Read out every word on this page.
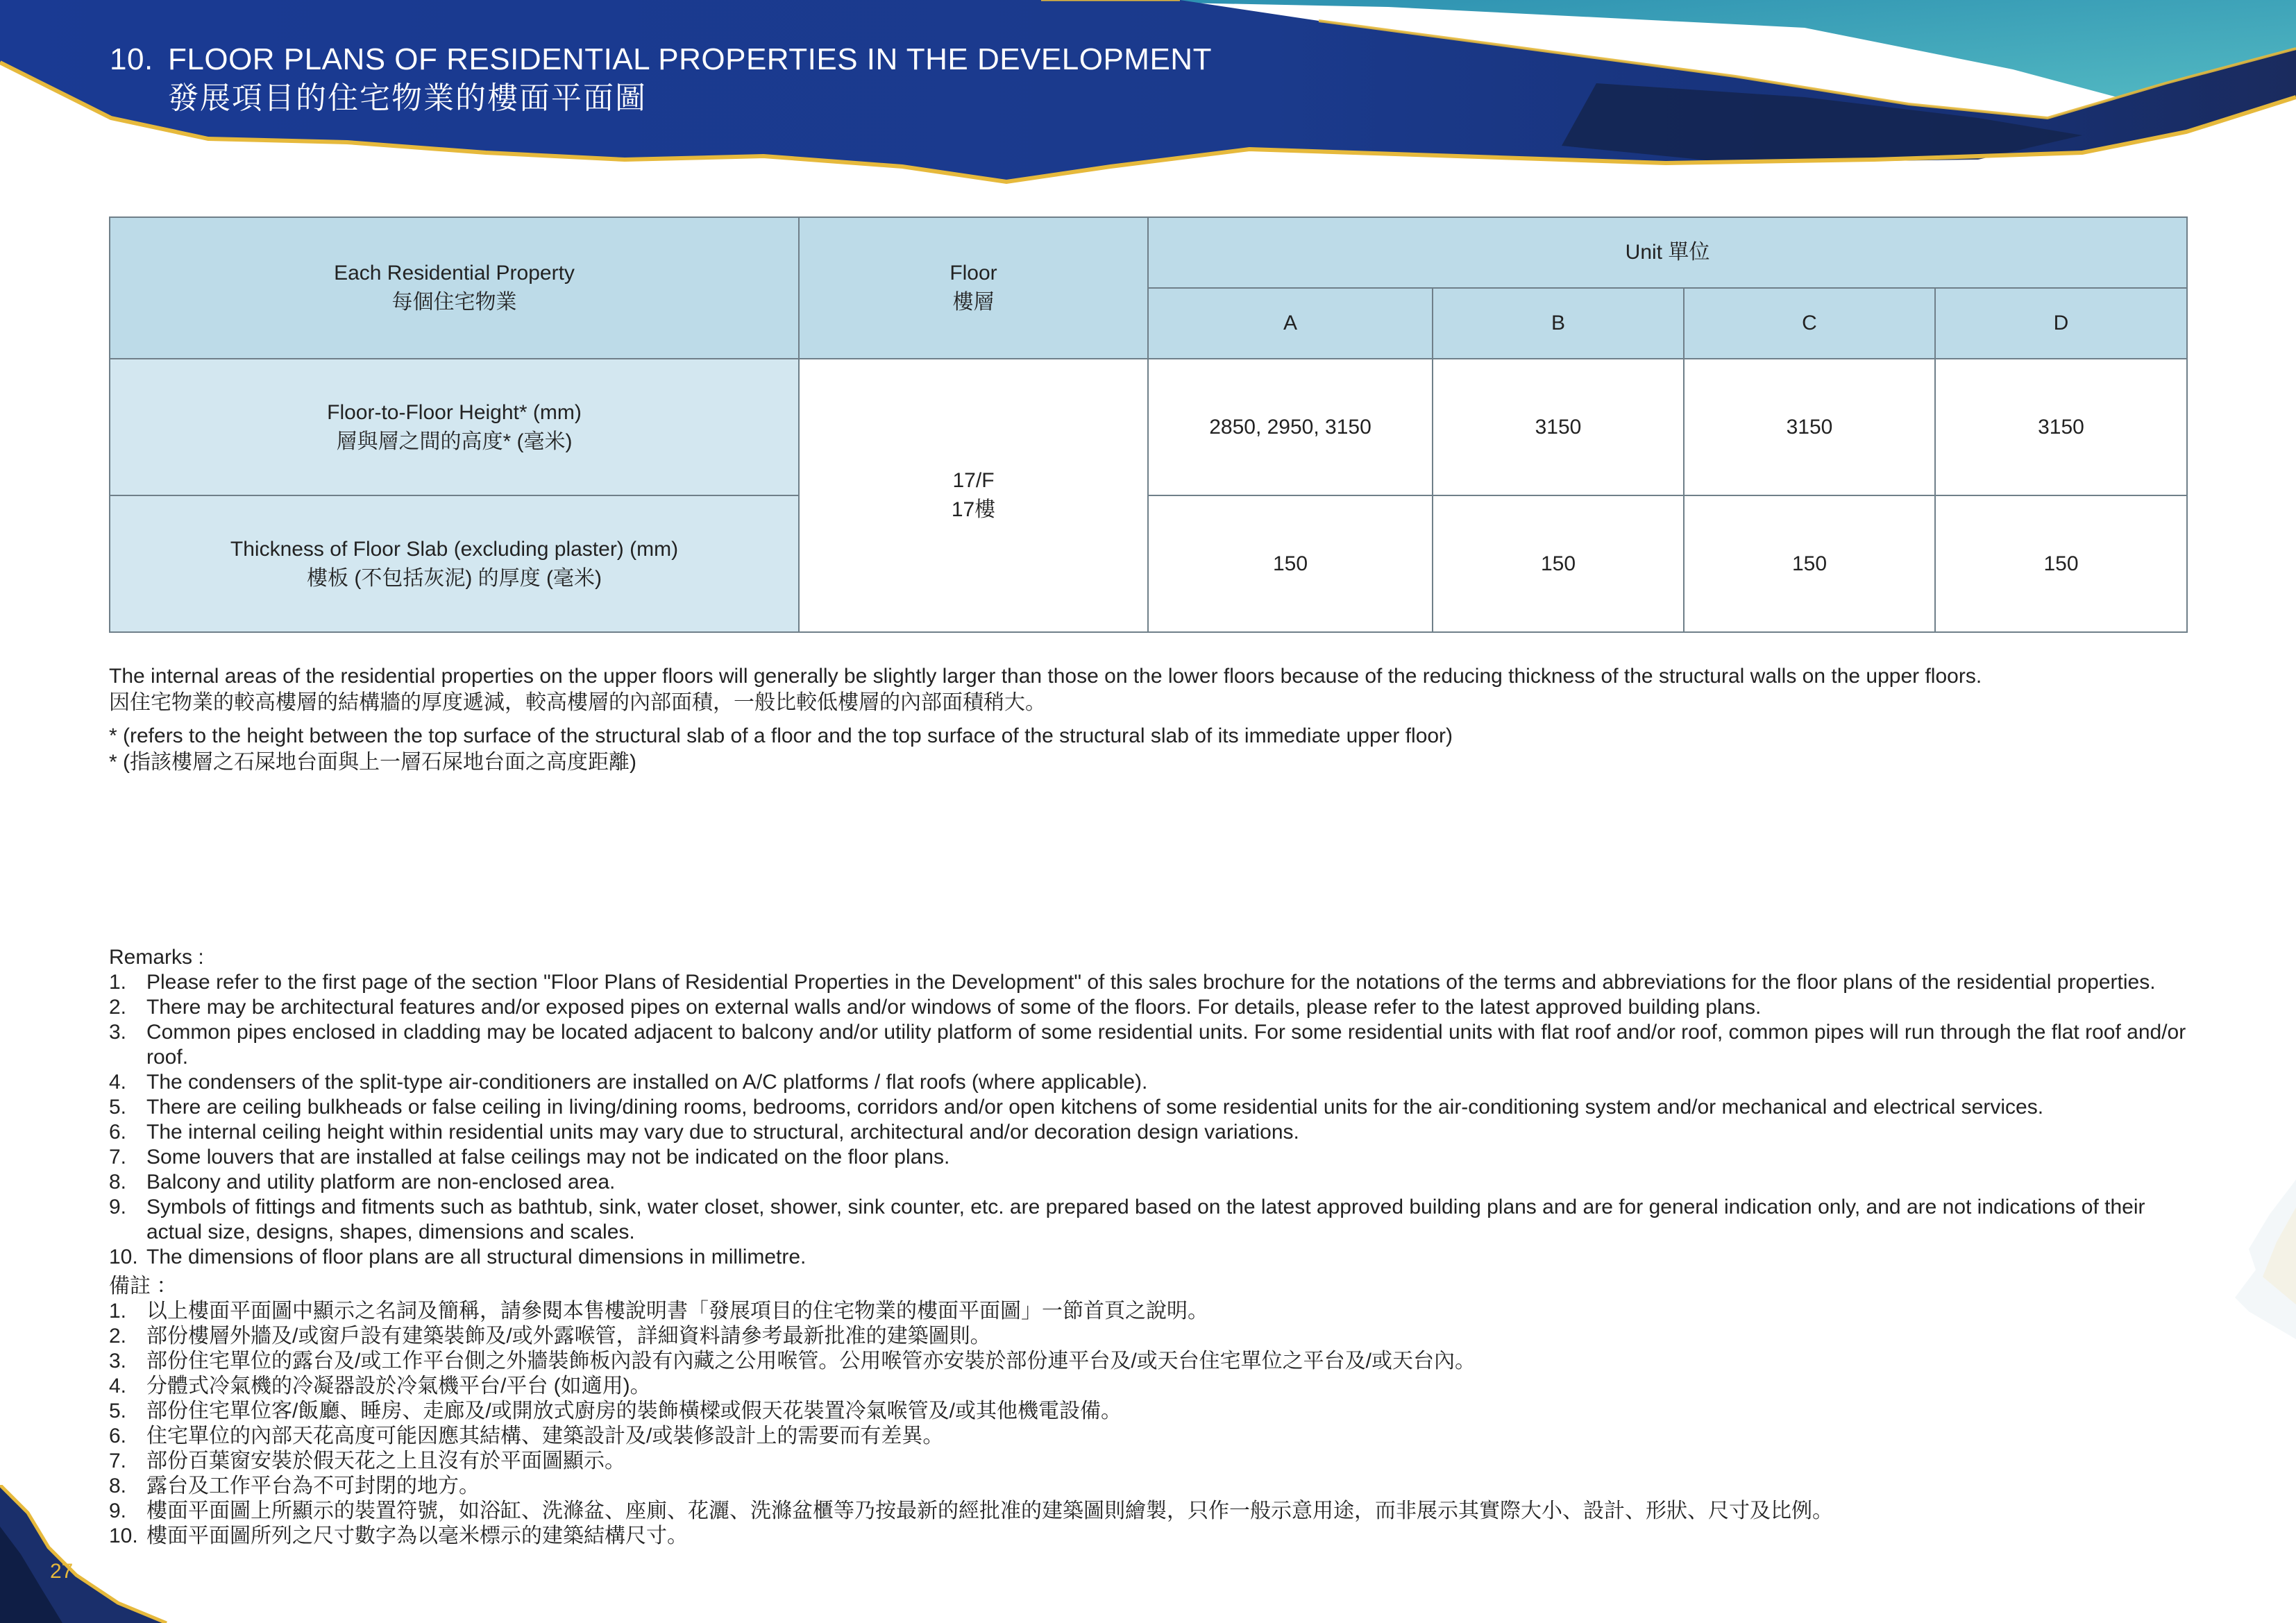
10. FLOOR PLANS OF RESIDENTIAL PROPERTIES IN THE DEVELOPMENT
發展項目的住宅物業的樓面平面圖
Each Residential Property
每個住宅物業	Floor
樓層	Unit 單位			
		A	B	C	D

Floor-to-Floor Height* (mm)
層與層之間的高度* (毫米)	17/F
17樓	2850, 2950, 3150	3150	3150	3150

Thickness of Floor Slab (excluding plaster) (mm)
樓板 (不包括灰泥) 的厚度 (毫米)		150	150	150	150

The internal areas of the residential properties on the upper floors will generally be slightly larger than those on the lower floors because of the reducing thickness of the structural walls on the upper floors.

因住宅物業的較高樓層的結構牆的厚度遞減，較高樓層的內部面積，一般比較低樓層的內部面積稍大。

* (refers to the height between the top surface of the structural slab of a floor and the top surface of the structural slab of its immediate upper floor)

* (指該樓層之石屎地台面與上一層石屎地台面之高度距離)

Remarks :

1. Please refer to the first page of the section "Floor Plans of Residential Properties in the Development" of this sales brochure for the notations of the terms and abbreviations for the floor plans of the residential properties.
2. There may be architectural features and/or exposed pipes on external walls and/or windows of some of the floors. For details, please refer to the latest approved building plans.
3. Common pipes enclosed in cladding may be located adjacent to balcony and/or utility platform of some residential units. For some residential units with flat roof and/or roof, common pipes will run through the flat roof and/or roof.
4. The condensers of the split-type air-conditioners are installed on A/C platforms / flat roofs (where applicable).
5. There are ceiling bulkheads or false ceiling in living/dining rooms, bedrooms, corridors and/or open kitchens of some residential units for the air-conditioning system and/or mechanical and electrical services.
6. The internal ceiling height within residential units may vary due to structural, architectural and/or decoration design variations.
7. Some louvers that are installed at false ceilings may not be indicated on the floor plans.
8. Balcony and utility platform are non-enclosed area.
9. Symbols of fittings and fitments such as bathtub, sink, water closet, shower, sink counter, etc. are prepared based on the latest approved building plans and are for general indication only, and are not indications of their actual size, designs, shapes, dimensions and scales.
10. The dimensions of floor plans are all structural dimensions in millimetre.

備註 ：

1. 以上樓面平面圖中顯示之名詞及簡稱，請參閱本售樓說明書「發展項目的住宅物業的樓面平面圖」一節首頁之說明。
2. 部份樓層外牆及/或窗戶設有建築裝飾及/或外露喉管，詳細資料請參考最新批准的建築圖則。
3. 部份住宅單位的露台及/或工作平台側之外牆裝飾板內設有內藏之公用喉管。公用喉管亦安裝於部份連平台及/或天台住宅單位之平台及/或天台內。
4. 分體式冷氣機的冷凝器設於冷氣機平台/平台 (如適用)。
5. 部份住宅單位客/飯廳、睡房、走廊及/或開放式廚房的裝飾橫樑或假天花裝置冷氣喉管及/或其他機電設備。
6. 住宅單位的內部天花高度可能因應其結構、建築設計及/或裝修設計上的需要而有差異。
7. 部份百葉窗安裝於假天花之上且沒有於平面圖顯示。
8. 露台及工作平台為不可封閉的地方。
9. 樓面平面圖上所顯示的裝置符號，如浴缸、洗滌盆、座廁、花灑、洗滌盆櫃等乃按最新的經批准的建築圖則繪製，只作一般示意用途，而非展示其實際大小、設計、形狀、尺寸及比例。
10. 樓面平面圖所列之尺寸數字為以毫米標示的建築結構尺寸。
27
